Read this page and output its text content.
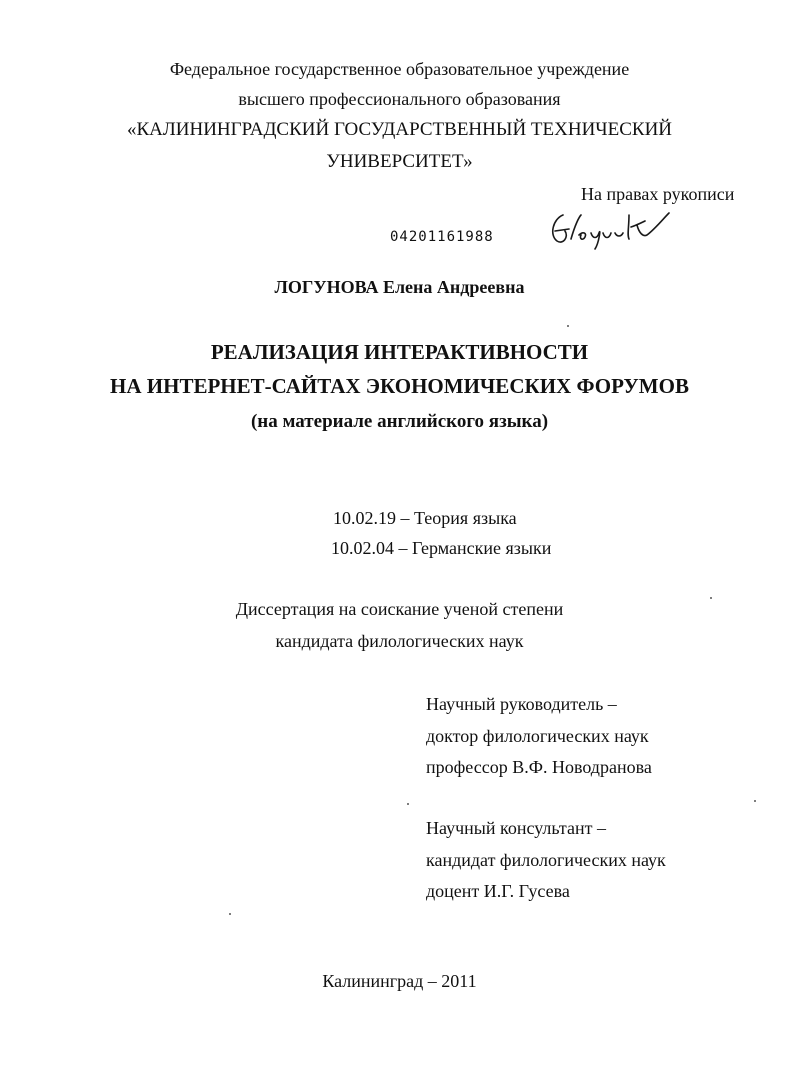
Федеральное государственное образовательное учреждение
высшего профессионального образования
«КАЛИНИНГРАДСКИЙ ГОСУДАРСТВЕННЫЙ ТЕХНИЧЕСКИЙ
УНИВЕРСИТЕТ»
На правах рукописи
04201161988
ЛОГУНОВА Елена Андреевна
РЕАЛИЗАЦИЯ ИНТЕРАКТИВНОСТИ
НА ИНТЕРНЕТ-САЙТАХ ЭКОНОМИЧЕСКИХ ФОРУМОВ
(на материале английского языка)
10.02.19 – Теория языка
10.02.04 – Германские языки
Диссертация на соискание ученой степени
кандидата филологических наук
Научный руководитель –
доктор филологических наук
профессор В.Ф. Новодранова
Научный консультант –
кандидат филологических наук
доцент И.Г. Гусева
Калининград – 2011
